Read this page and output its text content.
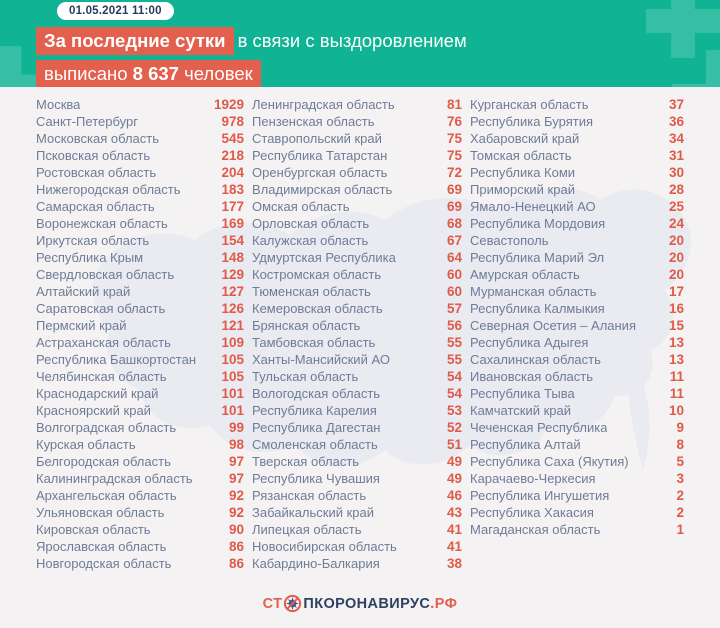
01.05.2021 11:00
За последние сутки в связи с выздоровлением
выписано 8 637 человек
Москва	1929
Санкт-Петербург	978
Московская область	545
Псковская область	218
Ростовская область	204
Нижегородская область	183
Самарская область	177
Воронежская область	169
Иркутская область	154
Республика Крым	148
Свердловская область	129
Алтайский край	127
Саратовская область	126
Пермский край	121
Астраханская область	109
Республика Башкортостан 105
Челябинская область	105
Краснодарский край	101
Красноярский край	101
Волгоградская область	99
Курская область	98
Белгородская область	97
Калининградская область	97
Архангельская область	92
Ульяновская область	92
Кировская область	90
Ярославская область	86
Новгородская область	86
Ленинградская область	81
Пензенская область	76
Ставропольский край	75
Республика Татарстан	75
Оренбургская область	72
Владимирская область	69
Омская область	69
Орловская область	68
Калужская область	67
Удмуртская Республика	64
Костромская область	60
Тюменская область	60
Кемеровская область	57
Брянская область	56
Тамбовская область	55
Ханты-Мансийский АО	55
Тульская область	54
Вологодская область	54
Республика Карелия	53
Республика Дагестан	52
Смоленская область	51
Тверская область	49
Республика Чувашия	49
Рязанская область	46
Забайкальский край	43
Липецкая область	41
Новосибирская область	41
Кабардино-Балкария	38
Курганская область	37
Республика Бурятия	36
Хабаровский край	34
Томская область	31
Республика Коми	30
Приморский край	28
Ямало-Ненецкий АО	25
Республика Мордовия	24
Севастополь	20
Республика Марий Эл	20
Амурская область	20
Мурманская область	17
Республика Калмыкия	16
Северная Осетия – Алания 15
Республика Адыгея	13
Сахалинская область	13
Ивановская область	11
Республика Тыва	11
Камчатский край	10
Чеченская Республика	9
Республика Алтай	8
Республика Саха (Якутия)	5
Карачаево-Черкесия	3
Республика Ингушетия	2
Республика Хакасия	2
Магаданская область	1
СТ ПКОРОНАВИРУС .РФ
